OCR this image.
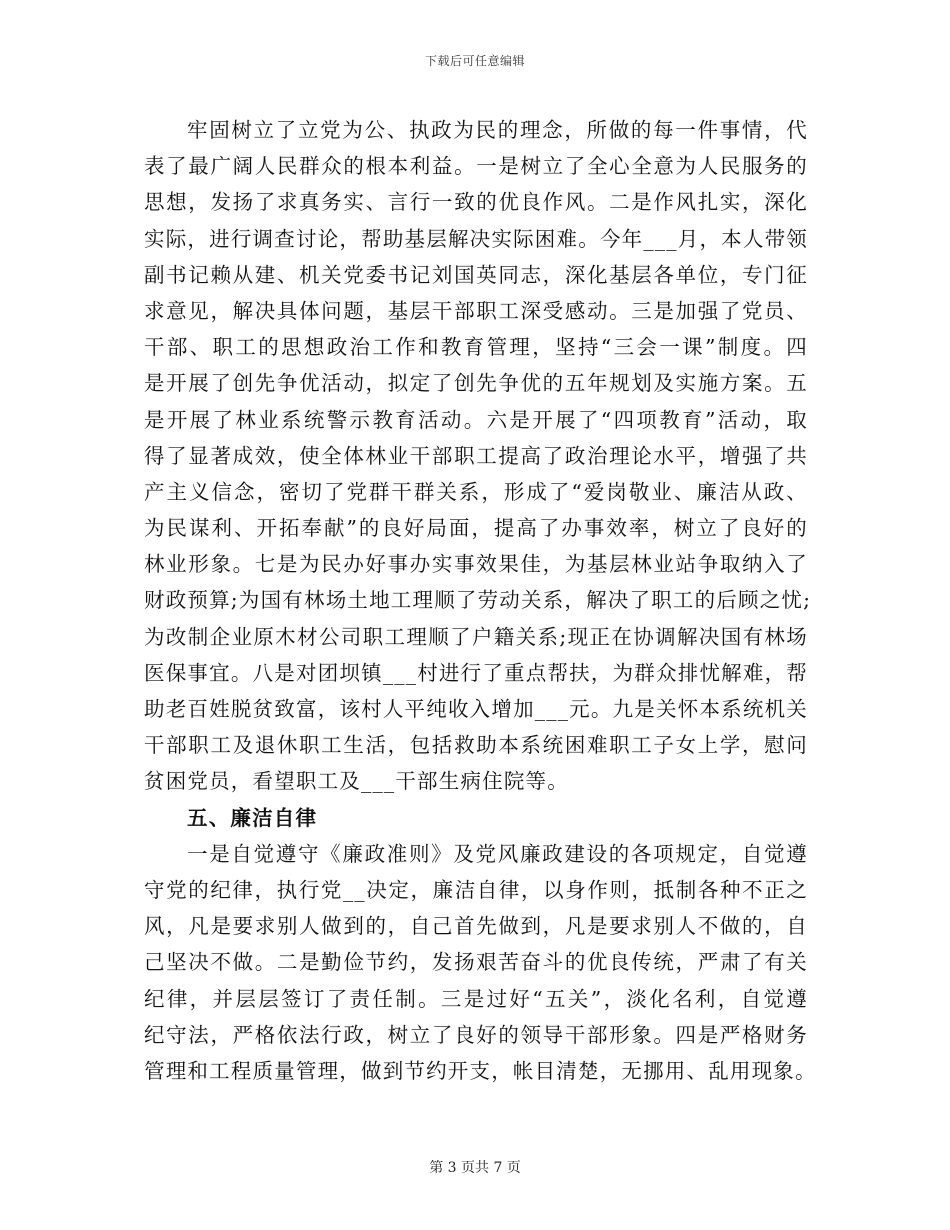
下载后可任意编辑
牢固树立了立党为公、执政为民的理念，所做的每一件事情，代
表了最广阔人民群众的根本利益。一是树立了全心全意为人民服务的
思想，发扬了求真务实、言行一致的优良作风。二是作风扎实，深化
实际，进行调查讨论，帮助基层解决实际困难。今年___月，本人带领
副书记赖从建、机关党委书记刘国英同志，深化基层各单位，专门征
求意见，解决具体问题，基层干部职工深受感动。三是加强了党员、
干部、职工的思想政治工作和教育管理，坚持“三会一课”制度。四
是开展了创先争优活动，拟定了创先争优的五年规划及实施方案。五
是开展了林业系统警示教育活动。六是开展了“四项教育”活动，取
得了显著成效，使全体林业干部职工提高了政治理论水平，增强了共
产主义信念，密切了党群干群关系，形成了“爱岗敬业、廉洁从政、
为民谋利、开拓奉献”的良好局面，提高了办事效率，树立了良好的
林业形象。七是为民办好事办实事效果佳，为基层林业站争取纳入了
财政预算;为国有林场土地工理顺了劳动关系，解决了职工的后顾之忧;
为改制企业原木材公司职工理顺了户籍关系;现正在协调解决国有林场
医保事宜。八是对团坝镇___村进行了重点帮扶，为群众排忧解难，帮
助老百姓脱贫致富，该村人平纯收入增加___元。九是关怀本系统机关
干部职工及退休职工生活，包括救助本系统困难职工子女上学，慰问
贫困党员，看望职工及___干部生病住院等。
五、廉洁自律
一是自觉遵守《廉政准则》及党风廉政建设的各项规定，自觉遵
守党的纪律，执行党__决定，廉洁自律，以身作则，抵制各种不正之
风，凡是要求别人做到的，自己首先做到，凡是要求别人不做的，自
己坚决不做。二是勤俭节约，发扬艰苦奋斗的优良传统，严肃了有关
纪律，并层层签订了责任制。三是过好“五关”，淡化名利，自觉遵
纪守法，严格依法行政，树立了良好的领导干部形象。四是严格财务
管理和工程质量管理，做到节约开支，帐目清楚，无挪用、乱用现象。
第 3 页共 7 页
